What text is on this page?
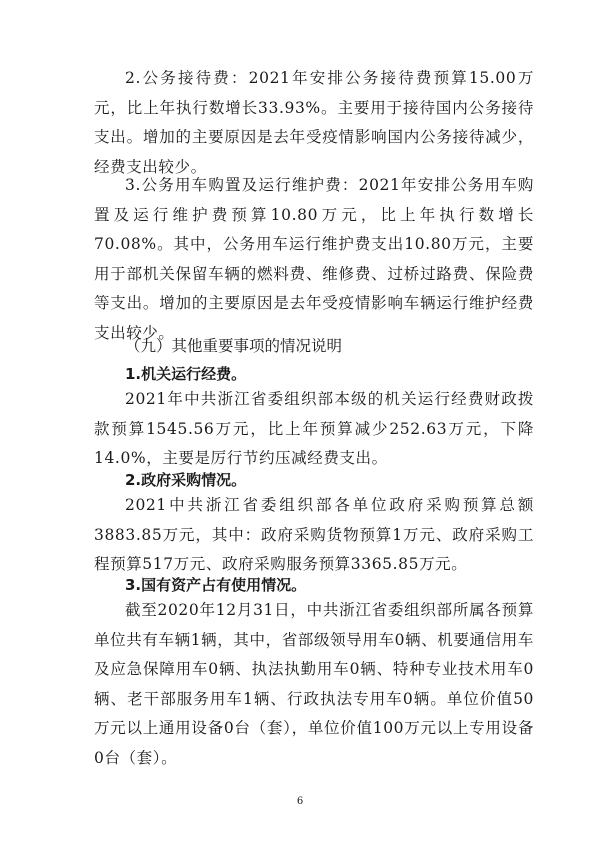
2.公务接待费：2021年安排公务接待费预算15.00万元，比上年执行数增长33.93%。主要用于接待国内公务接待支出。增加的主要原因是去年受疫情影响国内公务接待减少，经费支出较少。

3.公务用车购置及运行维护费：2021年安排公务用车购置及运行维护费预算10.80万元，比上年执行数增长70.08%。其中，公务用车运行维护费支出10.80万元，主要用于部机关保留车辆的燃料费、维修费、过桥过路费、保险费等支出。增加的主要原因是去年受疫情影响车辆运行维护经费支出较少。

（九）其他重要事项的情况说明

1.机关运行经费。

2021年中共浙江省委组织部本级的机关运行经费财政拨款预算1545.56万元，比上年预算减少252.63万元，下降14.0%，主要是厉行节约压减经费支出。

2.政府采购情况。

2021中共浙江省委组织部各单位政府采购预算总额3883.85万元，其中：政府采购货物预算1万元、政府采购工程预算517万元、政府采购服务预算3365.85万元。

3.国有资产占有使用情况。

截至2020年12月31日，中共浙江省委组织部所属各预算单位共有车辆1辆，其中，省部级领导用车0辆、机要通信用车及应急保障用车0辆、执法执勤用车0辆、特种专业技术用车0辆、老干部服务用车1辆、行政执法专用车0辆。单位价值50万元以上通用设备0台（套），单位价值100万元以上专用设备0台（套）。

6
